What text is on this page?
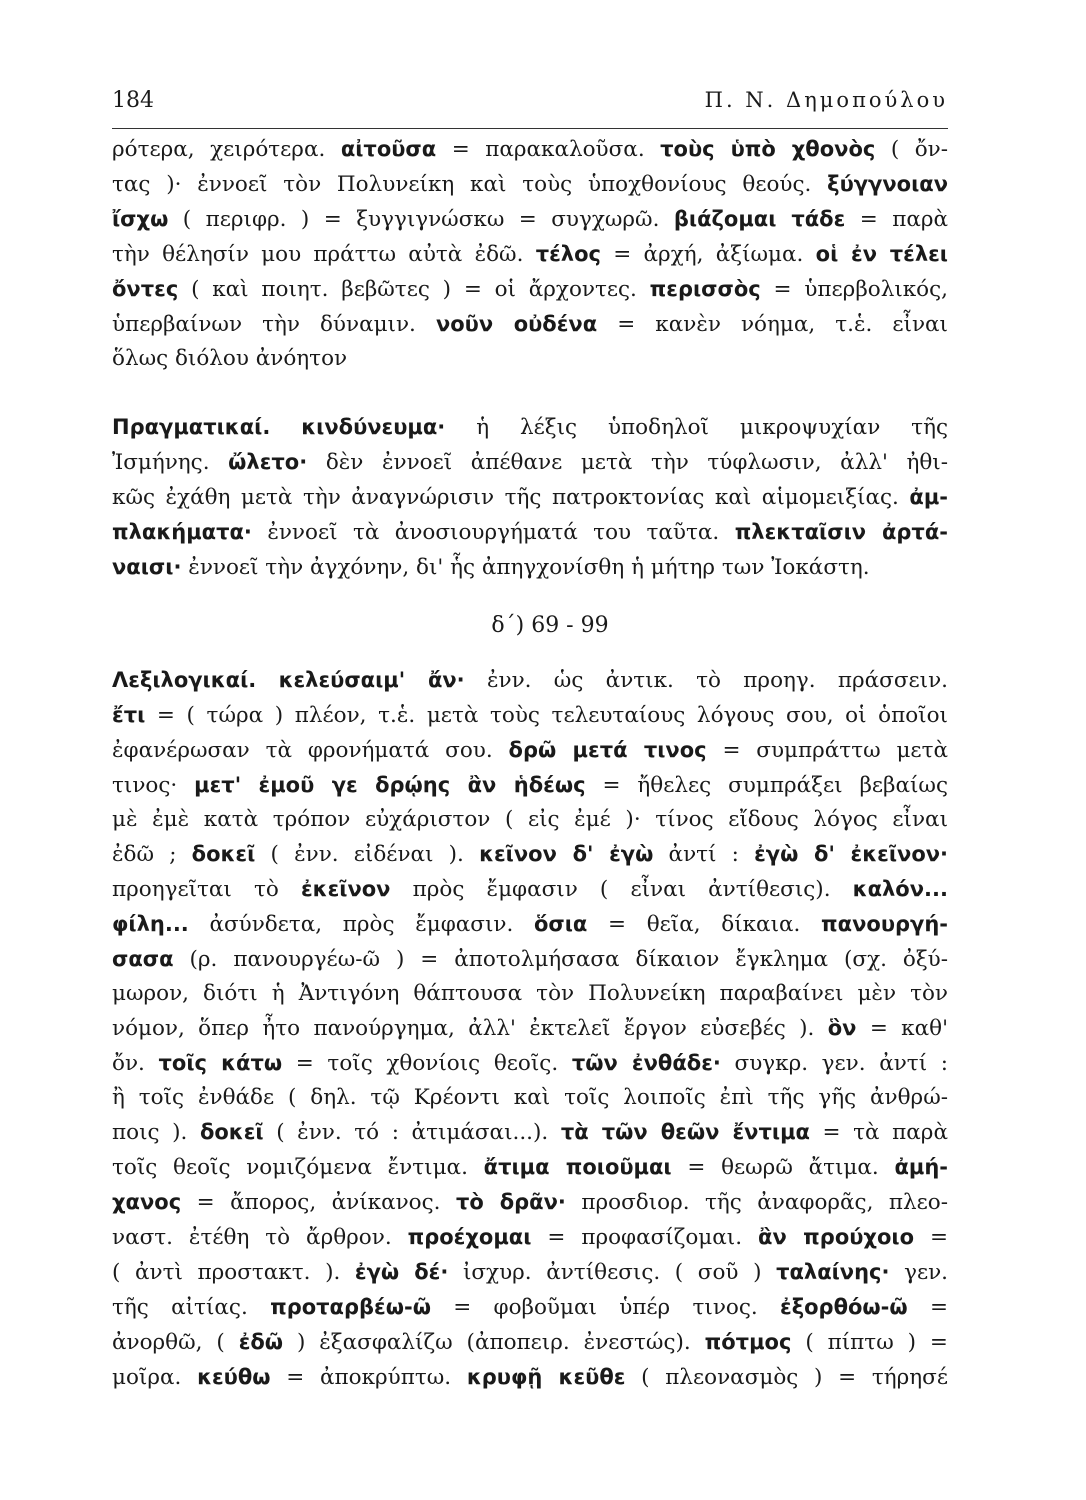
184	Π. Ν. Δημοπούλου

ρότερα, χειρότερα. αἰτοῦσα = παρακαλοῦσα. τοὺς ὑπὸ χθονὸς ( ὄν-

τας )· ἐννοεῖ τὸν Πολυνείκη καὶ τοὺς ὑποχθονίους θεούς. ξύγγνοιαν

ἴσχω ( περιφρ. ) = ξυγγιγνώσκω = συγχωρῶ. βιάζομαι τάδε = παρὰ

τὴν θέλησίν μου πράττω αὐτὰ ἐδῶ. τέλος = ἀρχή, ἀξίωμα. οἱ ἐν τέλει

ὄντες ( καὶ ποιητ. βεβῶτες ) = οἱ ἄρχοντες. περισσὸς = ὑπερβολικός,

ὑπερβαίνων τὴν δύναμιν. νοῦν οὐδένα = κανὲν νόημα, τ.ἑ. εἶναι

ὅλως διόλου ἀνόητον

Πραγματικαί. κινδύνευμα· ἡ λέξις ὑποδηλοῖ μικροψυχίαν τῆς

Ἰσμήνης. ὤλετο· δὲν ἐννοεῖ ἀπέθανε μετὰ τὴν τύφλωσιν, ἀλλ' ἠθι-

κῶς ἐχάθη μετὰ τὴν ἀναγνώρισιν τῆς πατροκτονίας καὶ αἱμομειξίας. ἀμ-

πλακήματα· ἐννοεῖ τὰ ἀνοσιουργήματά του ταῦτα. πλεκταῖσιν ἀρτά-

ναισι· ἐννοεῖ τὴν ἀγχόνην, δι' ἧς ἀπηγχονίσθη ἡ μήτηρ των Ἰοκάστη.

δ΄) 69 - 99

Λεξιλογικαί. κελεύσαιμ' ἄν· ἐνν. ὡς ἀντικ. τὸ προηγ. πράσσειν.

ἔτι = ( τώρα ) πλέον, τ.ἑ. μετὰ τοὺς τελευταίους λόγους σου, οἱ ὁποῖοι

ἐφανέρωσαν τὰ φρονήματά σου. δρῶ μετά τινος = συμπράττω μετὰ

τινος· μετ' ἐμοῦ γε δρῴης ἂν ἡδέως = ἤθελες συμπράξει βεβαίως

μὲ ἐμὲ κατὰ τρόπον εὐχάριστον ( εἰς ἐμέ )· τίνος εἴδους λόγος εἶναι

ἐδῶ ; δοκεῖ ( ἐνν. εἰδέναι ). κεῖνον δ' ἐγὼ ἀντί : ἐγὼ δ' ἐκεῖνον·

προηγεῖται τὸ ἐκεῖνον πρὸς ἔμφασιν ( εἶναι ἀντίθεσις). καλόν...

φίλη... ἀσύνδετα, πρὸς ἔμφασιν. ὅσια = θεῖα, δίκαια. πανουργή-

σασα (ρ. πανουργέω-ῶ ) = ἀποτολμήσασα δίκαιον ἔγκλημα (σχ. ὀξύ-

μωρον, διότι ἡ Ἀντιγόνη θάπτουσα τὸν Πολυνείκη παραβαίνει μὲν τὸν

νόμον, ὅπερ ἦτο πανούργημα, ἀλλ' ἐκτελεῖ ἔργον εὐσεβές ). ὃν = καθ'

ὄν. τοῖς κάτω = τοῖς χθονίοις θεοῖς. τῶν ἐνθάδε· συγκρ. γεν. ἀντί :

ἢ τοῖς ἐνθάδε ( δηλ. τῷ Κρέοντι καὶ τοῖς λοιποῖς ἐπὶ τῆς γῆς ἀνθρώ-

ποις ). δοκεῖ ( ἐνν. τό : ἀτιμάσαι...). τὰ τῶν θεῶν ἔντιμα = τὰ παρὰ

τοῖς θεοῖς νομιζόμενα ἔντιμα. ἄτιμα ποιοῦμαι = θεωρῶ ἄτιμα. ἀμή-

χανος = ἄπορος, ἀνίκανος. τὸ δρᾶν· προσδιορ. τῆς ἀναφορᾶς, πλεο-

ναστ. ἐτέθη τὸ ἄρθρον. προέχομαι = προφασίζομαι. ἂν προύχοιο =

( ἀντὶ προστακτ. ). ἐγὼ δέ· ἰσχυρ. ἀντίθεσις. ( σοῦ ) ταλαίνης· γεν.

τῆς αἰτίας. προταρβέω-ῶ = φοβοῦμαι ὑπέρ τινος. ἐξορθόω-ῶ =

ἀνορθῶ, ( ἐδῶ ) ἐξασφαλίζω (ἀποπειρ. ἐνεστώς). πότμος ( πίπτω ) =

μοῖρα. κεύθω = ἀποκρύπτω. κρυφῇ κεῦθε ( πλεονασμὸς ) = τήρησέ
